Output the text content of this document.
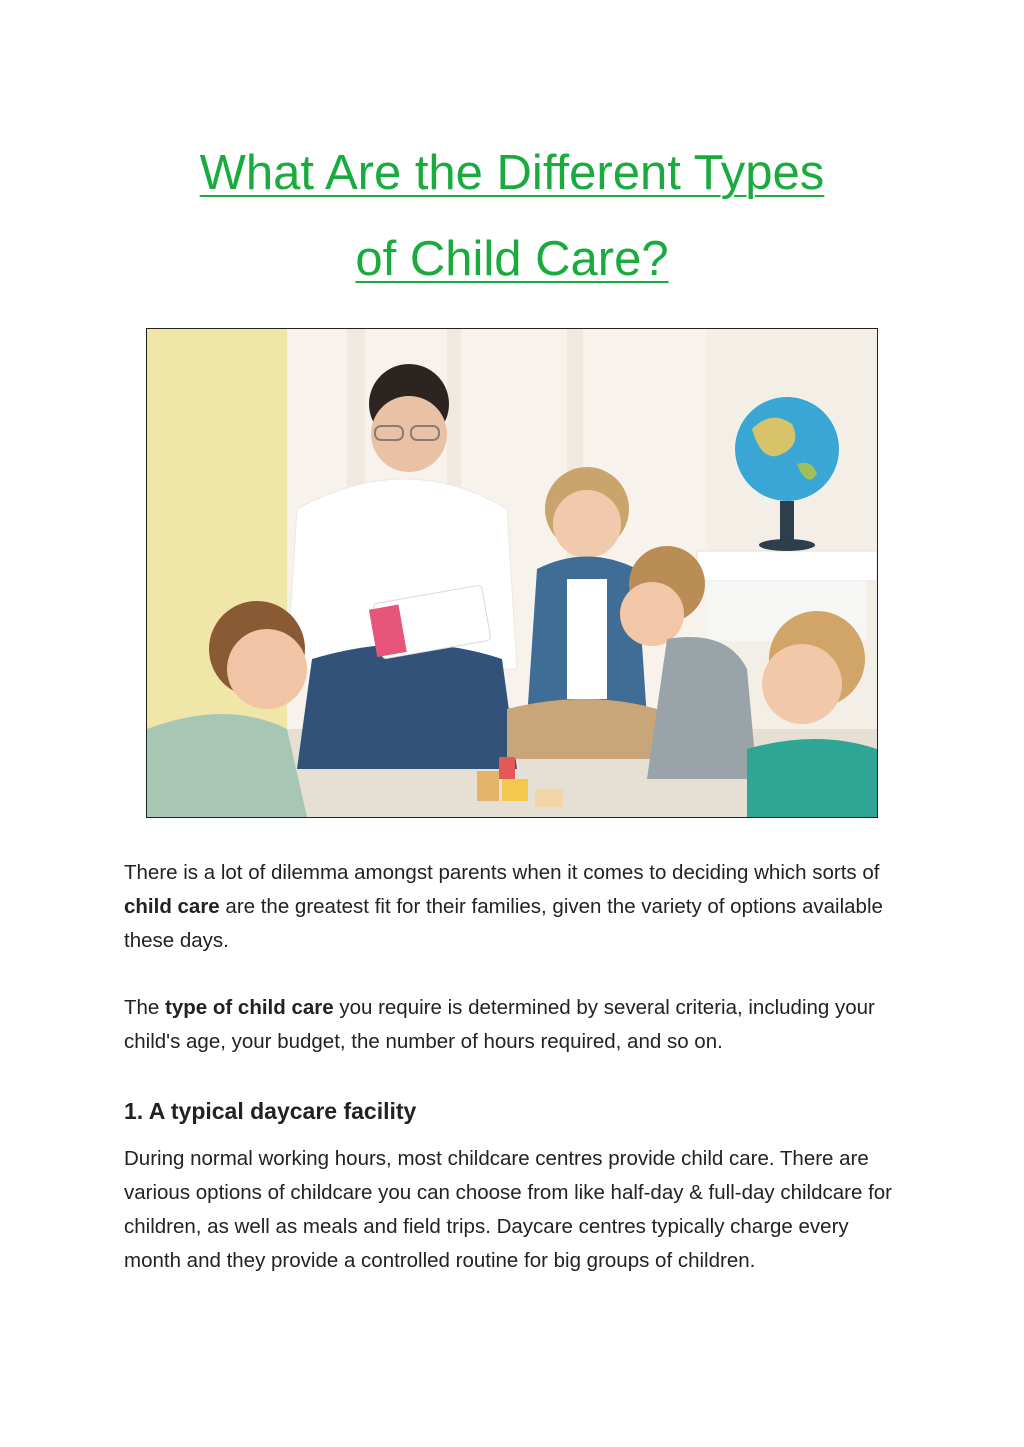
What Are the Different Types
of Child Care?

There is a lot of dilemma amongst parents when it comes to deciding which sorts of child care are the greatest fit for their families, given the variety of options available these days.

The type of child care you require is determined by several criteria, including your child's age, your budget, the number of hours required, and so on.

1. A typical daycare facility

During normal working hours, most childcare centres provide child care. There are various options of childcare you can choose from like half-day & full-day childcare for children, as well as meals and field trips. Daycare centres typically charge every month and they provide a controlled routine for big groups of children.
